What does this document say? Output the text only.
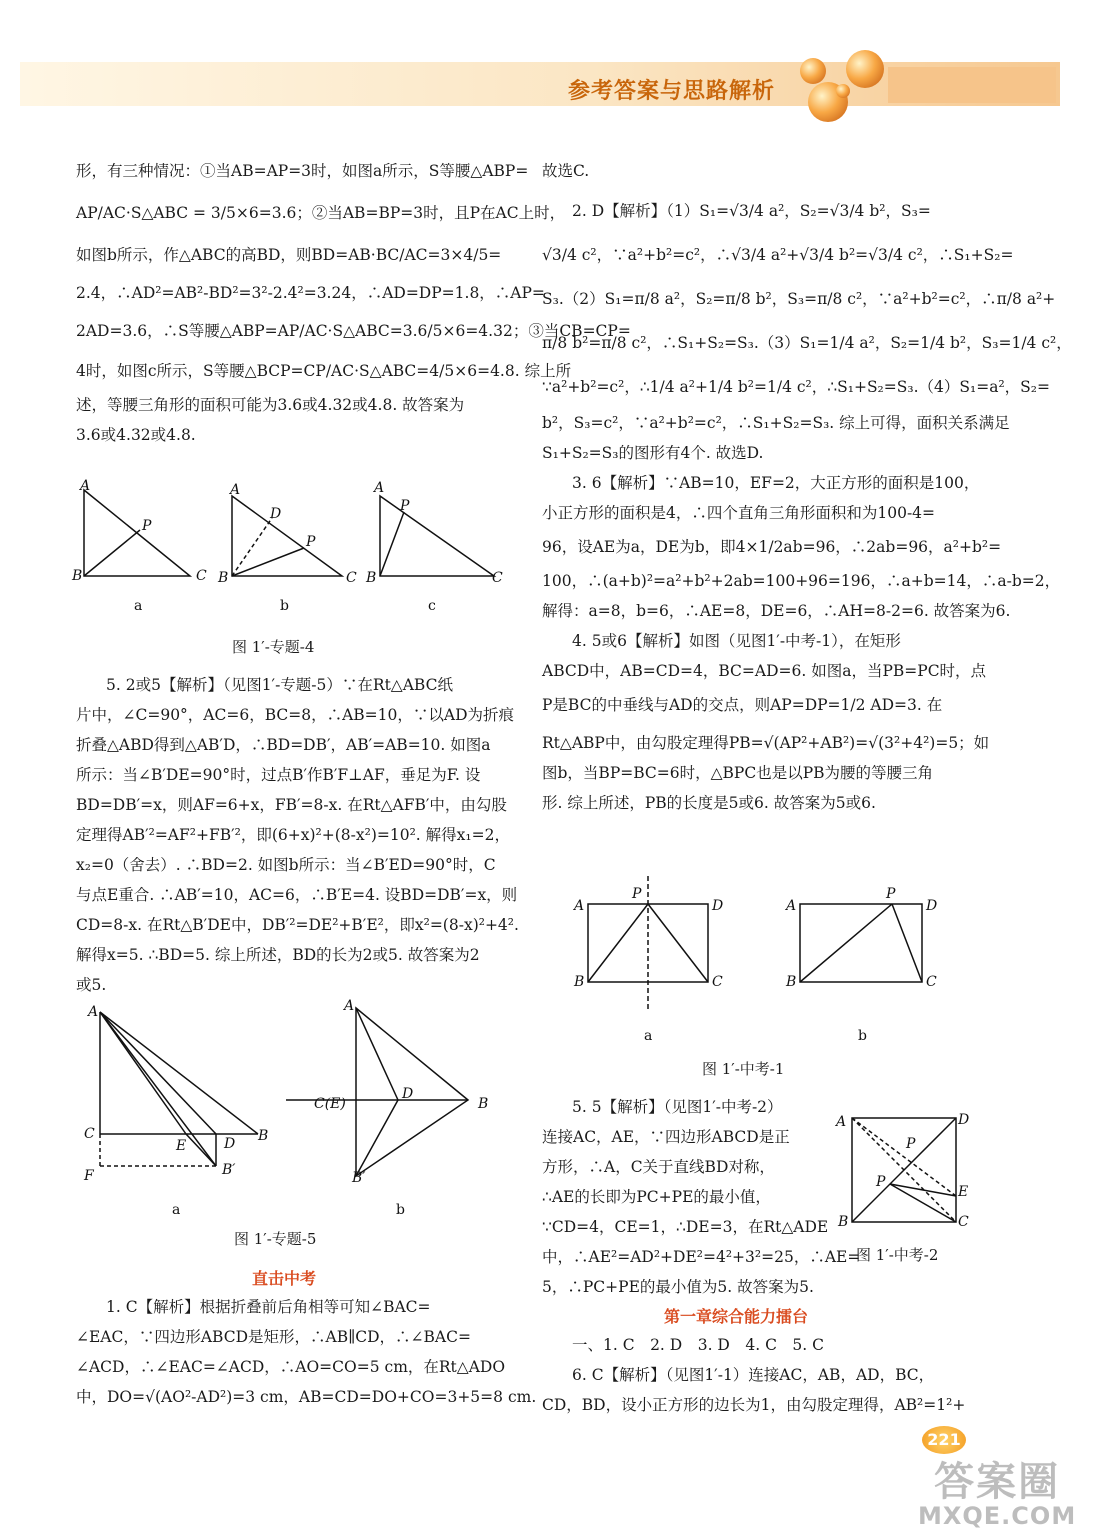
参考答案与思路解析

形，有三种情况：①当AB=AP=3时，如图a所示，S等腰△ABP=

AP/AC·S△ABC = 3/5×6=3.6；②当AB=BP=3时，且P在AC上时，

如图b所示，作△ABC的高BD，则BD=AB·BC/AC=3×4/5=

2.4，∴AD²=AB²-BD²=3²-2.4²=3.24，∴AD=DP=1.8，∴AP=

2AD=3.6，∴S等腰△ABP=AP/AC·S△ABC=3.6/5×6=4.32；③当CB=CP=

4时，如图c所示，S等腰△BCP=CP/AC·S△ABC=4/5×6=4.8. 综上所

述，等腰三角形的面积可能为3.6或4.32或4.8. 故答案为

3.6或4.32或4.8.

A
B	C
P
A
B	C
D
P
A
B	C
P
a	b	c
图 1′-专题-4

5. 2或5【解析】（见图1′-专题-5）∵在Rt△ABC纸

片中，∠C=90°，AC=6，BC=8，∴AB=10，∵以AD为折痕

折叠△ABD得到△AB′D，∴BD=DB′，AB′=AB=10. 如图a

所示：当∠B′DE=90°时，过点B′作B′F⊥AF，垂足为F. 设

BD=DB′=x，则AF=6+x，FB′=8-x. 在Rt△AFB′中，由勾股

定理得AB′²=AF²+FB′²，即(6+x)²+(8-x²)=10². 解得x₁=2，

x₂=0（舍去）. ∴BD=2. 如图b所示：当∠B′ED=90°时，C

与点E重合. ∴AB′=10，AC=6，∴B′E=4. 设BD=DB′=x，则

CD=8-x. 在Rt△B′DE中，DB′²=DE²+B′E²，即x²=(8-x)²+4².

解得x=5. ∴BD=5. 综上所述，BD的长为2或5. 故答案为2

或5.

A
C
F
E	D B
B′
A
C(E)
D
B
B′
a	b
图 1′-专题-5
直击中考

1. C【解析】根据折叠前后角相等可知∠BAC=

∠EAC，∵四边形ABCD是矩形，∴AB∥CD，∴∠BAC=

∠ACD，∴∠EAC=∠ACD，∴AO=CO=5 cm，在Rt△ADO

中，DO=√(AO²-AD²)=3 cm，AB=CD=DO+CO=3+5=8 cm.

故选C.

2. D【解析】（1）S₁=√3/4 a²，S₂=√3/4 b²，S₃=

√3/4 c²，∵a²+b²=c²，∴√3/4 a²+√3/4 b²=√3/4 c²，∴S₁+S₂=

S₃.（2）S₁=π/8 a²，S₂=π/8 b²，S₃=π/8 c²，∵a²+b²=c²，∴π/8 a²+

π/8 b²=π/8 c²，∴S₁+S₂=S₃.（3）S₁=1/4 a²，S₂=1/4 b²，S₃=1/4 c²，

∵a²+b²=c²，∴1/4 a²+1/4 b²=1/4 c²，∴S₁+S₂=S₃.（4）S₁=a²，S₂=

b²，S₃=c²，∵a²+b²=c²，∴S₁+S₂=S₃. 综上可得，面积关系满足

S₁+S₂=S₃的图形有4个. 故选D.

3. 6【解析】∵AB=10，EF=2，大正方形的面积是100，

小正方形的面积是4，∴四个直角三角形面积和为100-4=

96，设AE为a，DE为b，即4×1/2ab=96，∴2ab=96，a²+b²=

100，∴(a+b)²=a²+b²+2ab=100+96=196，∴a+b=14，∴a-b=2，

解得：a=8，b=6，∴AE=8，DE=6，∴AH=8-2=6. 故答案为6.

4. 5或6【解析】如图（见图1′-中考-1），在矩形

ABCD中，AB=CD=4，BC=AD=6. 如图a，当PB=PC时，点

P是BC的中垂线与AD的交点，则AP=DP=1/2 AD=3. 在

Rt△ABP中，由勾股定理得PB=√(AP²+AB²)=√(3²+4²)=5；如

图b，当BP=BC=6时，△BPC也是以PB为腰的等腰三角

形. 综上所述，PB的长度是5或6. 故答案为5或6.

A
B
D
C
P
A
B
D
C
P
a	b
图 1′-中考-1

5. 5【解析】（见图1′-中考-2）

连接AC，AE，∵四边形ABCD是正

方形，∴A，C关于直线BD对称，

∴AE的长即为PC+PE的最小值，

∵CD=4，CE=1，∴DE=3，在Rt△ADE

中，∴AE²=AD²+DE²=4²+3²=25，∴AE=

5，∴PC+PE的最小值为5. 故答案为5.

A	D
B	C
E
P
P
图 1′-中考-2
第一章综合能力擂台

一、1. C　2. D　3. D　4. C　5. C

6. C【解析】（见图1′-1）连接AC，AB，AD，BC，

CD，BD，设小正方形的边长为1，由勾股定理得，AB²=1²+

221
答案圈
MXQE.COM
